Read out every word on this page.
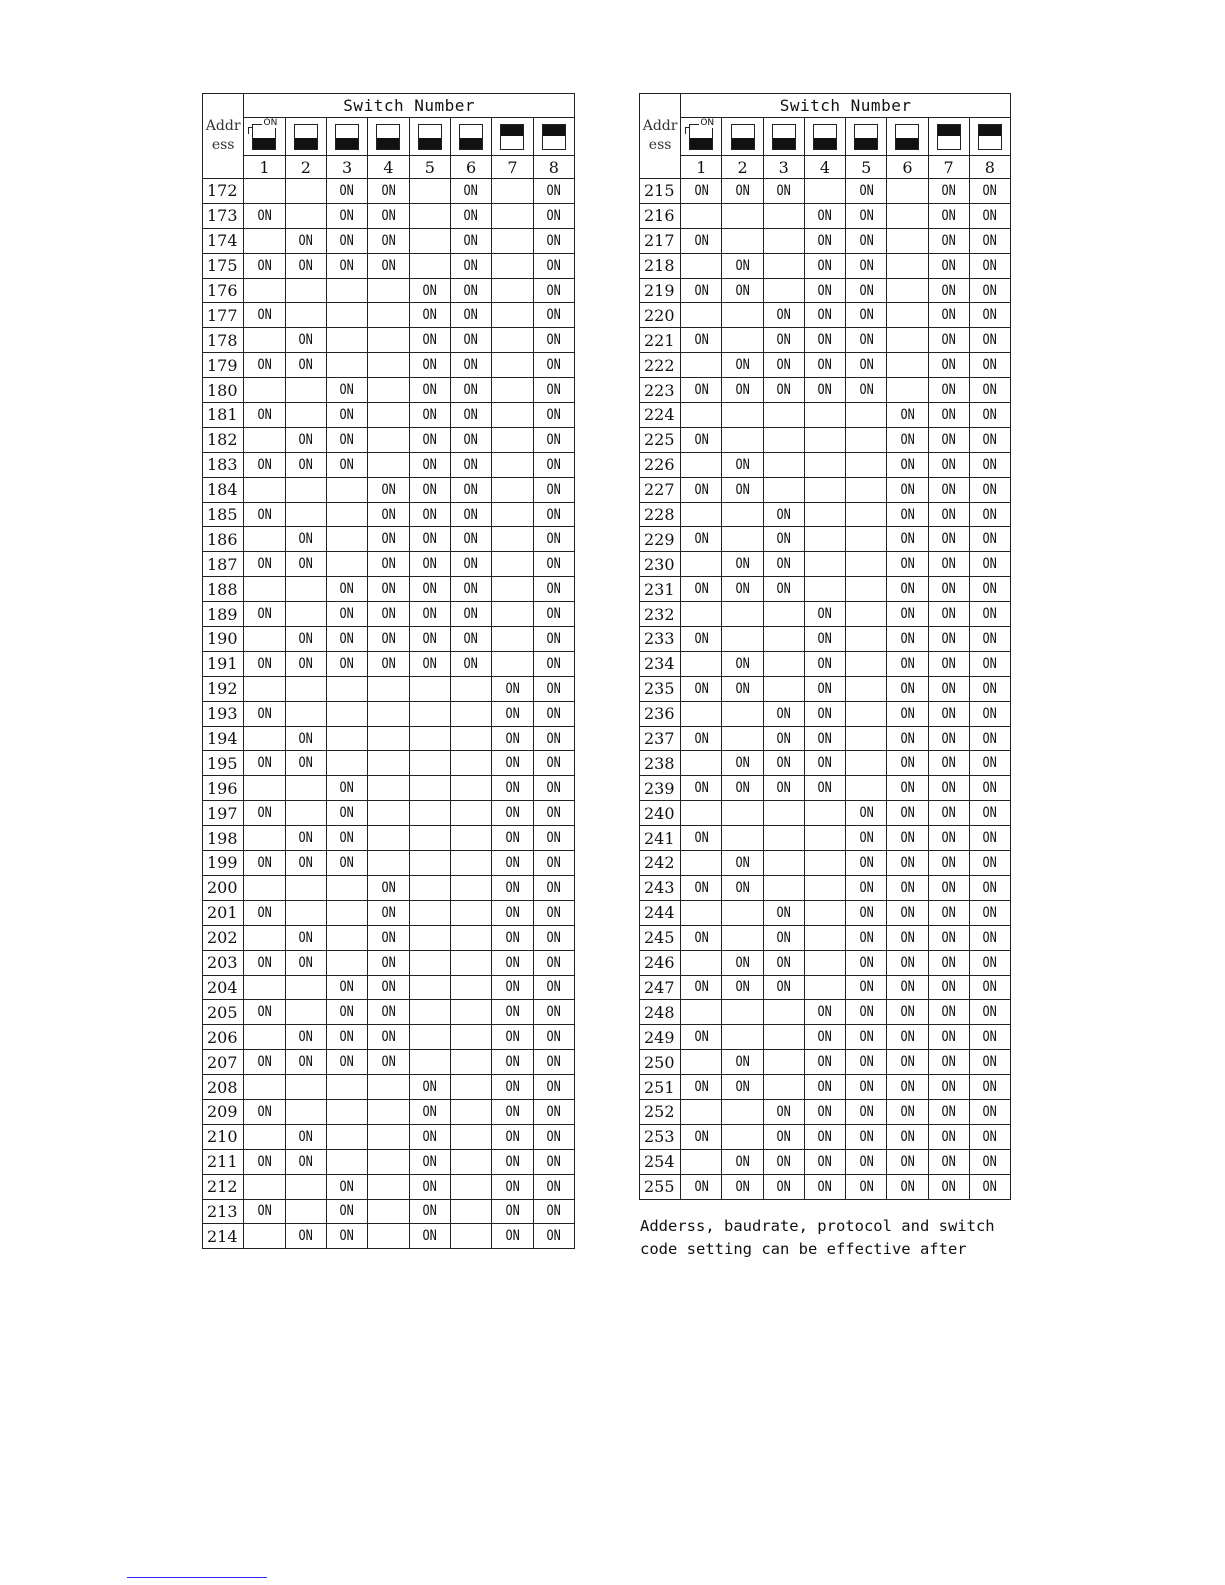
Addr
ess	Switch Number							

	ON							

	1	2	3	4	5	6	7	8
172			ON	ON		ON		ON
173	ON		ON	ON		ON		ON
174		ON	ON	ON		ON		ON
175	ON	ON	ON	ON		ON		ON
176					ON	ON		ON
177	ON				ON	ON		ON
178		ON			ON	ON		ON
179	ON	ON			ON	ON		ON
180			ON		ON	ON		ON
181	ON		ON		ON	ON		ON
182		ON	ON		ON	ON		ON
183	ON	ON	ON		ON	ON		ON
184				ON	ON	ON		ON
185	ON			ON	ON	ON		ON
186		ON		ON	ON	ON		ON
187	ON	ON		ON	ON	ON		ON
188			ON	ON	ON	ON		ON
189	ON		ON	ON	ON	ON		ON
190		ON	ON	ON	ON	ON		ON
191	ON	ON	ON	ON	ON	ON		ON
192							ON	ON
193	ON						ON	ON
194		ON					ON	ON
195	ON	ON					ON	ON
196			ON				ON	ON
197	ON		ON				ON	ON
198		ON	ON				ON	ON
199	ON	ON	ON				ON	ON
200				ON			ON	ON
201	ON			ON			ON	ON
202		ON		ON			ON	ON
203	ON	ON		ON			ON	ON
204			ON	ON			ON	ON
205	ON		ON	ON			ON	ON
206		ON	ON	ON			ON	ON
207	ON	ON	ON	ON			ON	ON
208					ON		ON	ON
209	ON				ON		ON	ON
210		ON			ON		ON	ON
211	ON	ON			ON		ON	ON
212			ON		ON		ON	ON
213	ON		ON		ON		ON	ON
214		ON	ON		ON		ON	ON
Addr
ess	Switch Number							

	ON							

	1	2	3	4	5	6	7	8
215	ON	ON	ON		ON		ON	ON
216				ON	ON		ON	ON
217	ON			ON	ON		ON	ON
218		ON		ON	ON		ON	ON
219	ON	ON		ON	ON		ON	ON
220			ON	ON	ON		ON	ON
221	ON		ON	ON	ON		ON	ON
222		ON	ON	ON	ON		ON	ON
223	ON	ON	ON	ON	ON		ON	ON
224						ON	ON	ON
225	ON					ON	ON	ON
226		ON				ON	ON	ON
227	ON	ON				ON	ON	ON
228			ON			ON	ON	ON
229	ON		ON			ON	ON	ON
230		ON	ON			ON	ON	ON
231	ON	ON	ON			ON	ON	ON
232				ON		ON	ON	ON
233	ON			ON		ON	ON	ON
234		ON		ON		ON	ON	ON
235	ON	ON		ON		ON	ON	ON
236			ON	ON		ON	ON	ON
237	ON		ON	ON		ON	ON	ON
238		ON	ON	ON		ON	ON	ON
239	ON	ON	ON	ON		ON	ON	ON
240					ON	ON	ON	ON
241	ON				ON	ON	ON	ON
242		ON			ON	ON	ON	ON
243	ON	ON			ON	ON	ON	ON
244			ON		ON	ON	ON	ON
245	ON		ON		ON	ON	ON	ON
246		ON	ON		ON	ON	ON	ON
247	ON	ON	ON		ON	ON	ON	ON
248				ON	ON	ON	ON	ON
249	ON			ON	ON	ON	ON	ON
250		ON		ON	ON	ON	ON	ON
251	ON	ON		ON	ON	ON	ON	ON
252			ON	ON	ON	ON	ON	ON
253	ON		ON	ON	ON	ON	ON	ON
254		ON	ON	ON	ON	ON	ON	ON
255	ON	ON	ON	ON	ON	ON	ON	ON
Adderss, baudrate, protocol and switch
code setting can be effective after
